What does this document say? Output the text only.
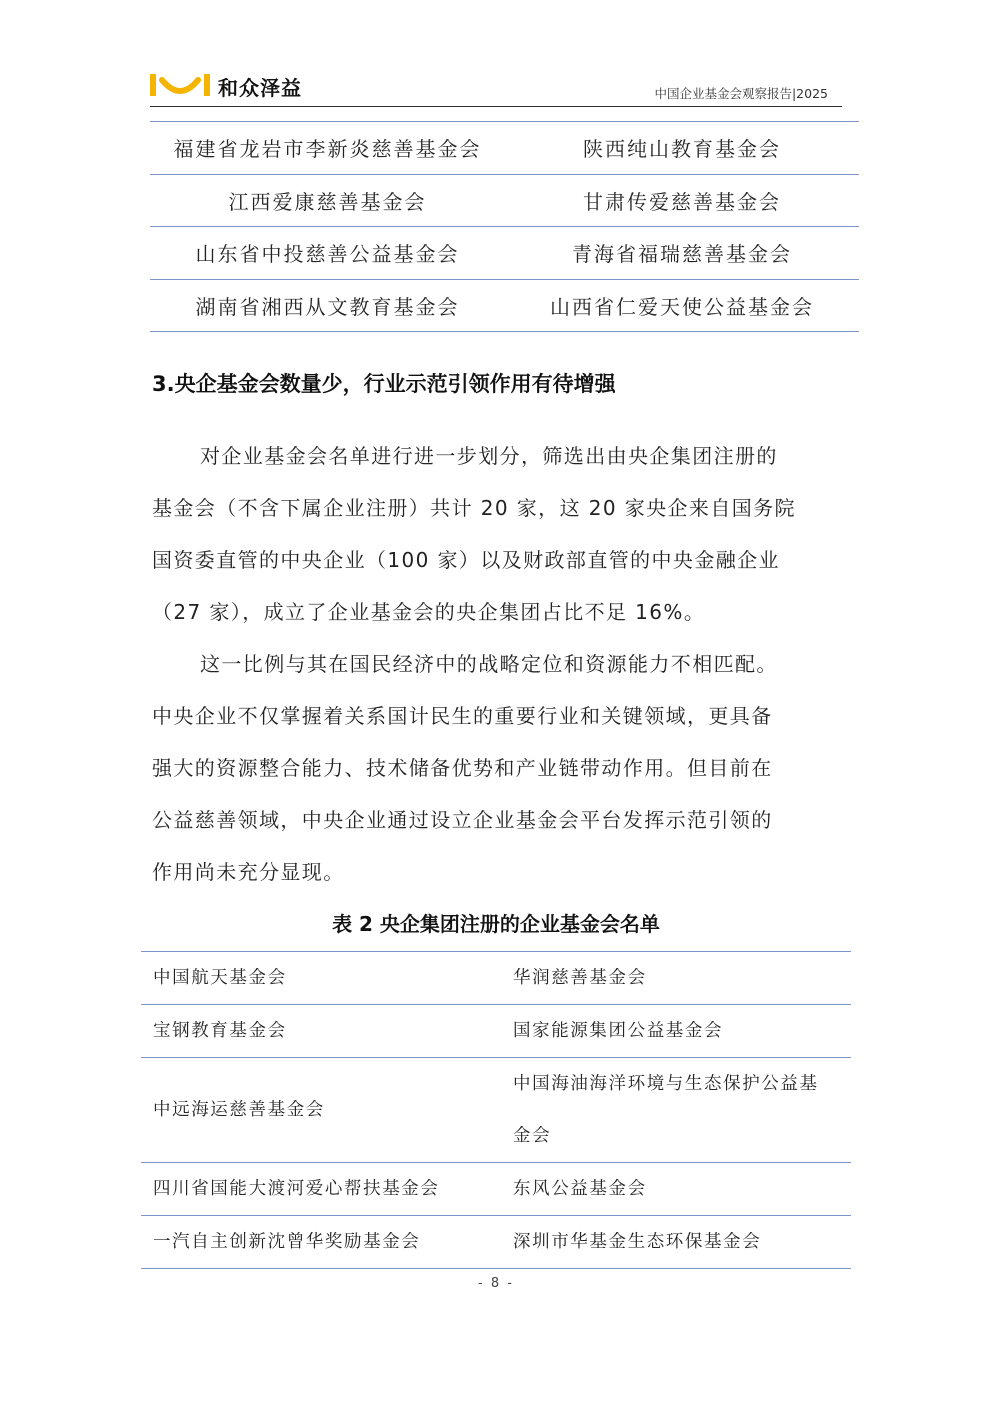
和众泽益	中国企业基金会观察报告|2025
福建省龙岩市李新炎慈善基金会	陕西纯山教育基金会
江西爱康慈善基金会	甘肃传爱慈善基金会
山东省中投慈善公益基金会	青海省福瑞慈善基金会
湖南省湘西从文教育基金会	山西省仁爱天使公益基金会
3.央企基金会数量少，行业示范引领作用有待增强
对企业基金会名单进行进一步划分，筛选出由央企集团注册的
基金会（不含下属企业注册）共计 20 家，这 20 家央企来自国务院
国资委直管的中央企业（100 家）以及财政部直管的中央金融企业
（27 家），成立了企业基金会的央企集团占比不足 16%。
这一比例与其在国民经济中的战略定位和资源能力不相匹配。
中央企业不仅掌握着关系国计民生的重要行业和关键领域，更具备
强大的资源整合能力、技术储备优势和产业链带动作用。但目前在
公益慈善领域，中央企业通过设立企业基金会平台发挥示范引领的
作用尚未充分显现。
表 2 央企集团注册的企业基金会名单
中国航天基金会	华润慈善基金会

宝钢教育基金会	国家能源集团公益基金会

中远海运慈善基金会	中国海油海洋环境与生态保护公益基
金会

四川省国能大渡河爱心帮扶基金会	东风公益基金会

一汽自主创新沈曾华奖励基金会	深圳市华基金生态环保基金会
- 8 -
